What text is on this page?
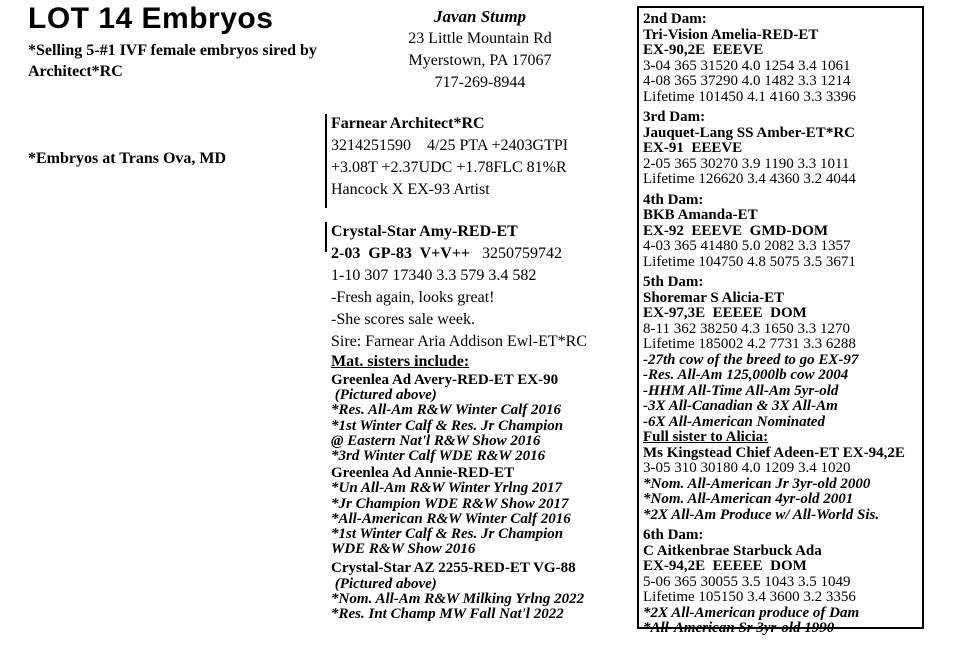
LOT 14 Embryos
*Selling 5-#1 IVF female embryos sired by Architect*RC
*Embryos at Trans Ova, MD
Javan Stump
23 Little Mountain Rd
Myerstown, PA 17067
717-269-8944
Farnear Architect*RC
3214251590    4/25 PTA +2403GTPI
+3.08T +2.37UDC +1.78FLC 81%R
Hancock X EX-93 Artist
Crystal-Star Amy-RED-ET
2-03  GP-83  V+V++ 3250759742
1-10 307 17340 3.3 579 3.4 582
-Fresh again, looks great!
-She scores sale week.
Sire: Farnear Aria Addison Ewl-ET*RC
Mat. sisters include:
Greenlea Ad Avery-RED-ET EX-90
(Pictured above)
*Res. All-Am R&W Winter Calf 2016
*1st Winter Calf & Res. Jr Champion
@ Eastern Nat'l R&W Show 2016
*3rd Winter Calf WDE R&W 2016
Greenlea Ad Annie-RED-ET
*Un All-Am R&W Winter Yrlng 2017
*Jr Champion WDE R&W Show 2017
*All-American R&W Winter Calf 2016
*1st Winter Calf & Res. Jr Champion
WDE R&W Show 2016
Crystal-Star AZ 2255-RED-ET VG-88
(Pictured above)
*Nom. All-Am R&W Milking Yrlng 2022
*Res. Int Champ MW Fall Nat'l 2022
2nd Dam:
Tri-Vision Amelia-RED-ET
EX-90,2E  EEEVE
3-04 365 31520 4.0 1254 3.4 1061
4-08 365 37290 4.0 1482 3.3 1214
Lifetime 101450 4.1 4160 3.3 3396
3rd Dam:
Jauquet-Lang SS Amber-ET*RC
EX-91  EEEVE
2-05 365 30270 3.9 1190 3.3 1011
Lifetime 126620 3.4 4360 3.2 4044
4th Dam:
BKB Amanda-ET
EX-92  EEEVE  GMD-DOM
4-03 365 41480 5.0 2082 3.3 1357
Lifetime 104750 4.8 5075 3.5 3671
5th Dam:
Shoremar S Alicia-ET
EX-97,3E  EEEEE  DOM
8-11 362 38250 4.3 1650 3.3 1270
Lifetime 185002 4.2 7731 3.3 6288
-27th cow of the breed to go EX-97
-Res. All-Am 125,000lb cow 2004
-HHM All-Time All-Am 5yr-old
-3X All-Canadian & 3X All-Am
-6X All-American Nominated
Full sister to Alicia:
Ms Kingstead Chief Adeen-ET EX-94,2E
3-05 310 30180 4.0 1209 3.4 1020
*Nom. All-American Jr 3yr-old 2000
*Nom. All-American 4yr-old 2001
*2X All-Am Produce w/ All-World Sis.
6th Dam:
C Aitkenbrae Starbuck Ada
EX-94,2E  EEEEE  DOM
5-06 365 30055 3.5 1043 3.5 1049
Lifetime 105150 3.4 3600 3.2 3356
*2X All-American produce of Dam
*All-American Sr 3yr-old 1990
